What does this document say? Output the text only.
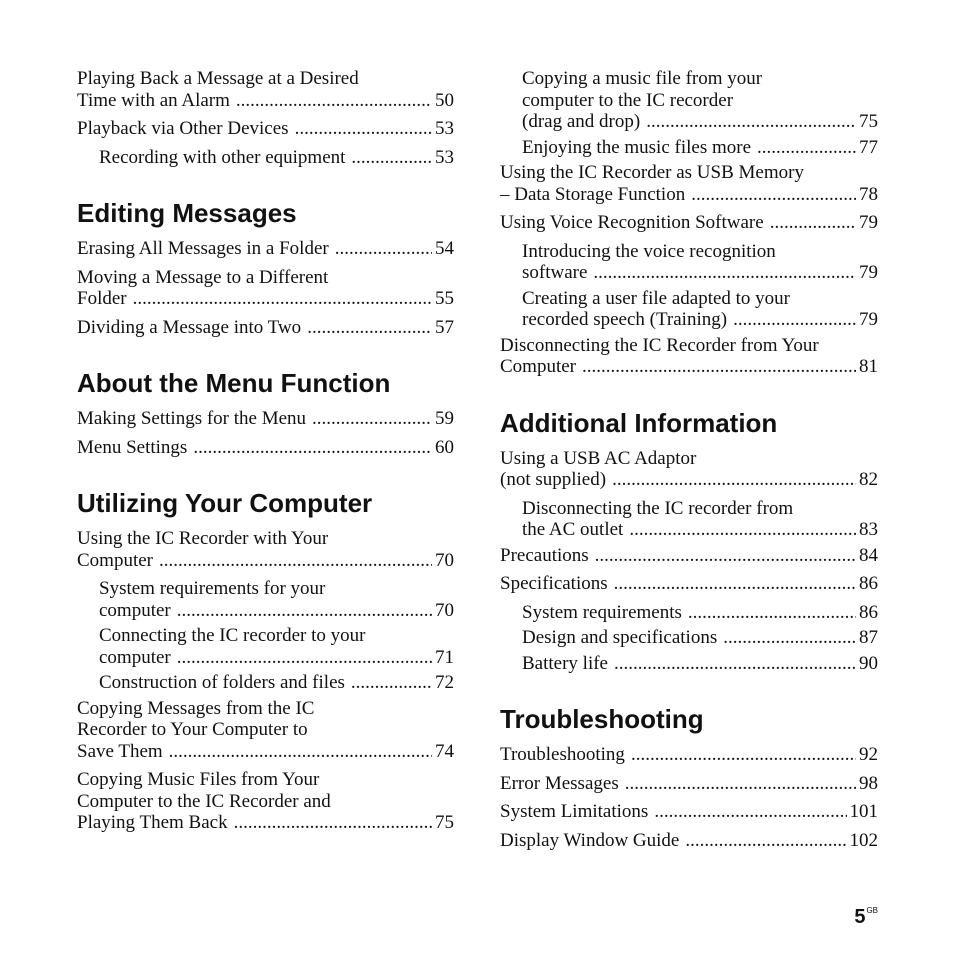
Playing Back a Message at a Desired
Time with an Alarm .....	50
Playback via Other Devices .....	53
Recording with other equipment .....	53
Editing Messages
Erasing All Messages in a Folder .....	54
Moving a Message to a Different
Folder .....	55
Dividing a Message into Two .....	57
About the Menu Function
Making Settings for the Menu .....	59
Menu Settings .....	60
Utilizing Your Computer
Using the IC Recorder with Your
Computer .....	70
System requirements for your
computer .....	70
Connecting the IC recorder to your
computer .....	71
Construction of folders and files .....	72
Copying Messages from the IC
Recorder to Your Computer to
Save Them .....	74
Copying Music Files from Your
Computer to the IC Recorder and
Playing Them Back .....	75
Copying a music file from your
computer to the IC recorder
(drag and drop) .....	75
Enjoying the music files more .....	77
Using the IC Recorder as USB Memory
– Data Storage Function .....	78
Using Voice Recognition Software .....	79
Introducing the voice recognition
software .....	79
Creating a user file adapted to your
recorded speech (Training) .....	79
Disconnecting the IC Recorder from Your
Computer .....	81
Additional Information
Using a USB AC Adaptor
(not supplied) .....	82
Disconnecting the IC recorder from
the AC outlet .....	83
Precautions .....	84
Specifications .....	86
System requirements .....	86
Design and specifications .....	87
Battery life .....	90
Troubleshooting
Troubleshooting .....	92
Error Messages .....	98
System Limitations .....	101
Display Window Guide .....	102
$5^{GB}$
